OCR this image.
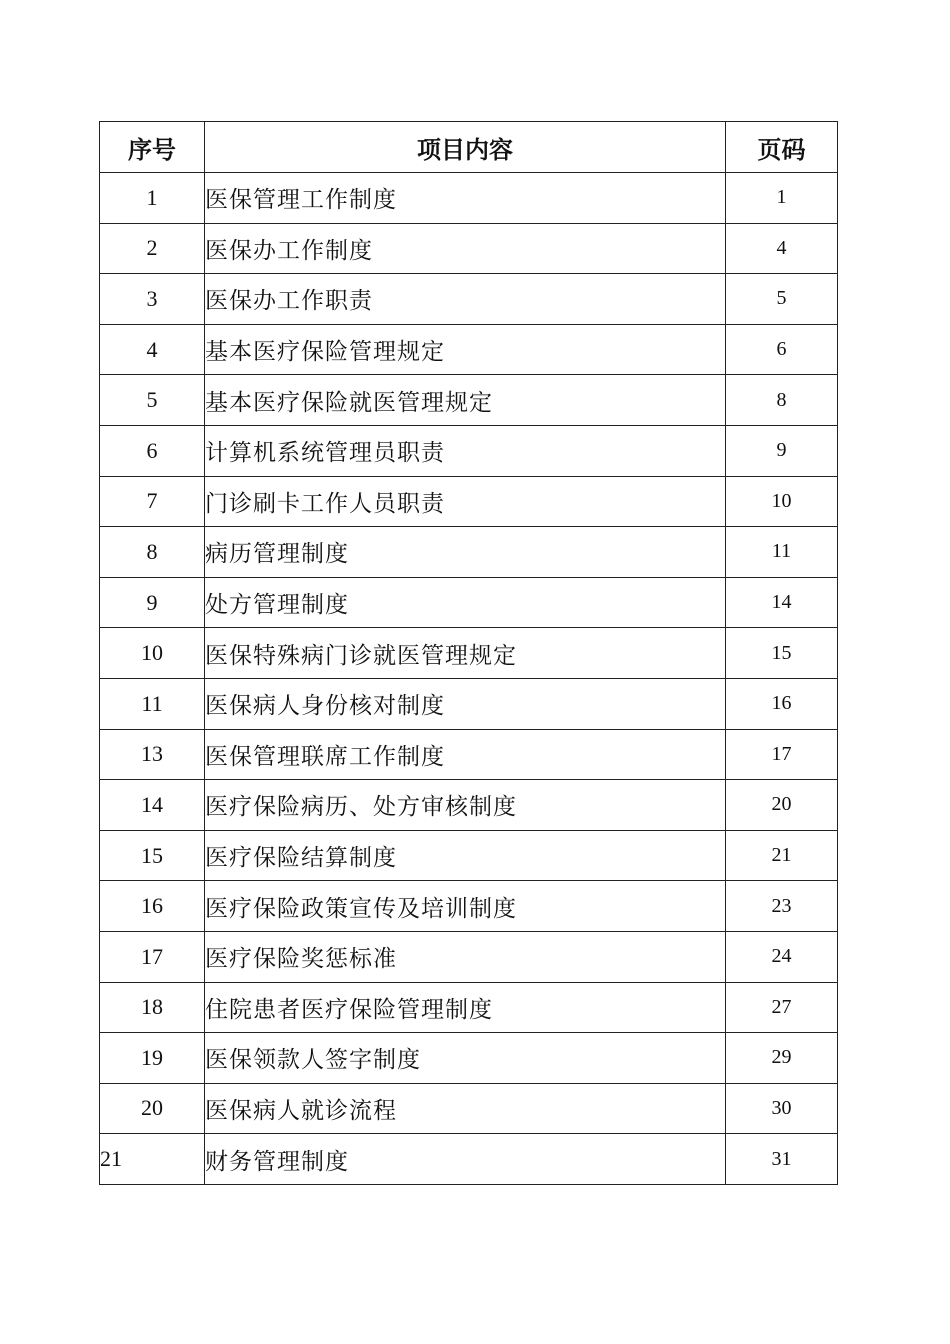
序号	项目内容	页码
1	医保管理工作制度	1
2	医保办工作制度	4
3	医保办工作职责	5
4	基本医疗保险管理规定	6
5	基本医疗保险就医管理规定	8
6	计算机系统管理员职责	9
7	门诊刷卡工作人员职责	10
8	病历管理制度	11
9	处方管理制度	14
10	医保特殊病门诊就医管理规定	15
11	医保病人身份核对制度	16
13	医保管理联席工作制度	17
14	医疗保险病历、处方审核制度	20
15	医疗保险结算制度	21
16	医疗保险政策宣传及培训制度	23
17	医疗保险奖惩标准	24
18	住院患者医疗保险管理制度	27
19	医保领款人签字制度	29
20	医保病人就诊流程	30
21	财务管理制度	31
